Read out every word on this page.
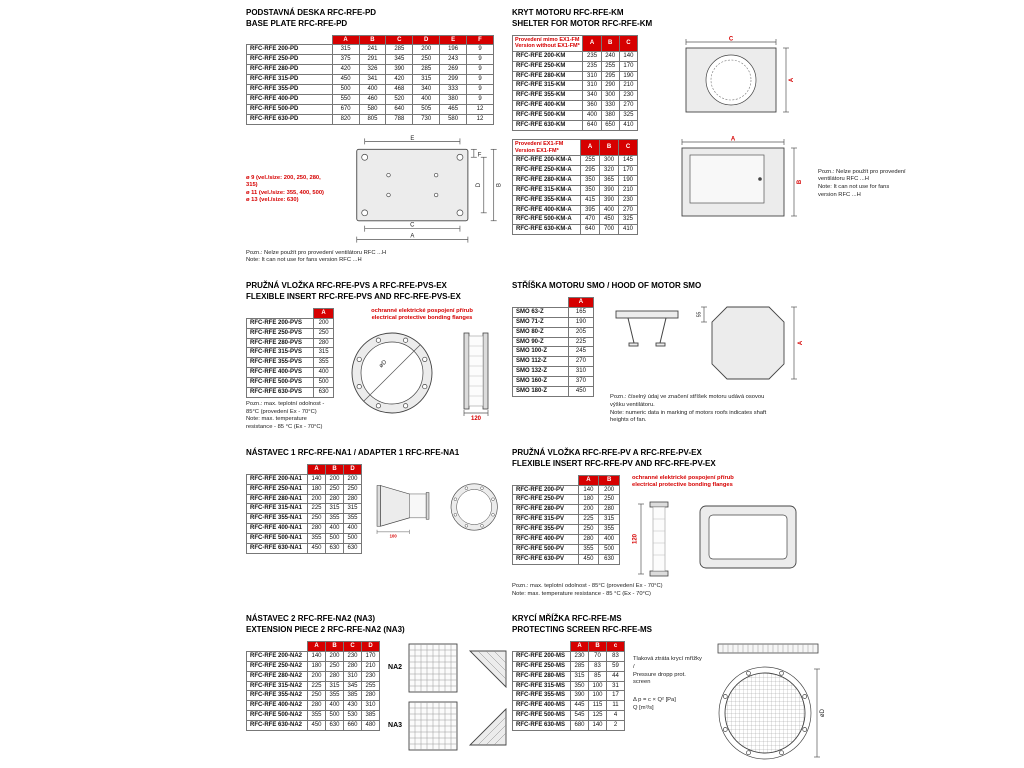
PODSTAVNÁ DESKA RFC-RFE-PD
BASE PLATE RFC-RFE-PD
	A	B	C	D	E	F
RFC-RFE 200-PD	315	241	285	200	196	9
RFC-RFE 250-PD	375	291	345	250	243	9
RFC-RFE 280-PD	420	326	390	285	269	9
RFC-RFE 315-PD	450	341	420	315	299	9
RFC-RFE 355-PD	500	400	468	340	333	9
RFC-RFE 400-PD	550	460	520	400	380	9
RFC-RFE 500-PD	670	580	640	505	465	12
RFC-RFE 630-PD	820	805	788	730	580	12
ø 9 (vel./size: 200, 250, 280, 315)
ø 11 (vel./size: 355, 400, 500)
ø 13 (vel./size: 630)
E
F
D B
C
A
Pozn.: Nelze použít pro provedení ventilátoru RFC ...H
Note: It can not use for fans version RFC ...H
KRYT MOTORU RFC-RFE-KM
SHELTER FOR MOTOR RFC-RFE-KM
Provedení mimo EX1-FM
Version without EX1-FM*	A	B	C
RFC-RFE 200-KM	235	240	140
RFC-RFE 250-KM	235	255	170
RFC-RFE 280-KM	310	295	190
RFC-RFE 315-KM	310	290	210
RFC-RFE 355-KM	340	300	230
RFC-RFE 400-KM	360	330	270
RFC-RFE 500-KM	400	380	325
RFC-RFE 630-KM	640	650	410
Provedení EX1-FM
Version EX1-FM*	A	B	C
RFC-RFE 200-KM-A	255	300	145
RFC-RFE 250-KM-A	295	320	170
RFC-RFE 280-KM-A	350	365	190
RFC-RFE 315-KM-A	350	390	210
RFC-RFE 355-KM-A	415	390	230
RFC-RFE 400-KM-A	395	400	270
RFC-RFE 500-KM-A	470	450	325
RFC-RFE 630-KM-A	640	700	410
C
A
A
B
Pozn.: Nelze použít pro provedení ventilátoru RFC ...H
Note: It can not use for fans version RFC ...H
PRUŽNÁ VLOŽKA RFC-RFE-PVS A RFC-RFE-PVS-EX
FLEXIBLE INSERT RFC-RFE-PVS AND RFC-RFE-PVS-EX
	A
RFC-RFE 200-PVS	200
RFC-RFE 250-PVS	250
RFC-RFE 280-PVS	280
RFC-RFE 315-PVS	315
RFC-RFE 355-PVS	355
RFC-RFE 400-PVS	400
RFC-RFE 500-PVS	500
RFC-RFE 630-PVS	630
Pozn.: max. teplotní odolnost - 85°C (provedení Ex - 70°C)
Note: max. temperature resistance - 85 °C (Ex - 70°C)
ochranné elektrické pospojení přírub
electrical protective bonding flanges
øD
120
STŘÍŠKA MOTORU SMO / HOOD OF MOTOR SMO
	A
SMO 63-Z	165
SMO 71-Z	190
SMO 80-Z	205
SMO 90-Z	225
SMO 100-Z	245
SMO 112-Z	270
SMO 132-Z	310
SMO 160-Z	370
SMO 180-Z	450
55
A
Pozn.: číselný údaj ve značení stříšek motoru udává osovou výšku ventilátoru.
Note: numeric data in marking of motors roofs indicates shaft heights of fan.
NÁSTAVEC 1 RFC-RFE-NA1 / ADAPTER 1 RFC-RFE-NA1
	A	B	D
RFC-RFE 200-NA1	140	200	200
RFC-RFE 250-NA1	180	250	250
RFC-RFE 280-NA1	200	280	280
RFC-RFE 315-NA1	225	315	315
RFC-RFE 355-NA1	250	355	355
RFC-RFE 400-NA1	280	400	400
RFC-RFE 500-NA1	355	500	500
RFC-RFE 630-NA1	450	630	630
100
PRUŽNÁ VLOŽKA RFC-RFE-PV A RFC-RFE-PV-EX
FLEXIBLE INSERT RFC-RFE-PV AND RFC-RFE-PV-EX
	A	B
RFC-RFE 200-PV	140	200
RFC-RFE 250-PV	180	250
RFC-RFE 280-PV	200	280
RFC-RFE 315-PV	225	315
RFC-RFE 355-PV	250	355
RFC-RFE 400-PV	280	400
RFC-RFE 500-PV	355	500
RFC-RFE 630-PV	450	630
ochranné elektrické pospojení přírub
electrical protective bonding flanges
120
Pozn.: max. teplotní odolnost - 85°C (provedení Ex - 70°C)
Note: max. temperature resistance - 85 °C (Ex - 70°C)
NÁSTAVEC 2 RFC-RFE-NA2 (NA3)
EXTENSION PIECE 2 RFC-RFE-NA2 (NA3)
	A	B	C	D
RFC-RFE 200-NA2	140	200	230	170
RFC-RFE 250-NA2	180	250	280	210
RFC-RFE 280-NA2	200	280	310	230
RFC-RFE 315-NA2	225	315	345	255
RFC-RFE 355-NA2	250	355	385	280
RFC-RFE 400-NA2	280	400	430	310
RFC-RFE 500-NA2	355	500	530	385
RFC-RFE 630-NA2	450	630	660	480
NA2
NA3
KRYCÍ MŘÍŽKA RFC-RFE-MS
PROTECTING SCREEN RFC-RFE-MS
	A	B	c
RFC-RFE 200-MS	230	70	83
RFC-RFE 250-MS	285	83	59
RFC-RFE 280-MS	315	85	44
RFC-RFE 315-MS	350	100	31
RFC-RFE 355-MS	390	100	17
RFC-RFE 400-MS	445	115	11
RFC-RFE 500-MS	545	125	4
RFC-RFE 630-MS	680	140	2
Tlaková ztráta krycí mřížky /
Pressure dropp prot. screen
Δ p = c × Q² [Pa]
Q [m³/s]
øD
